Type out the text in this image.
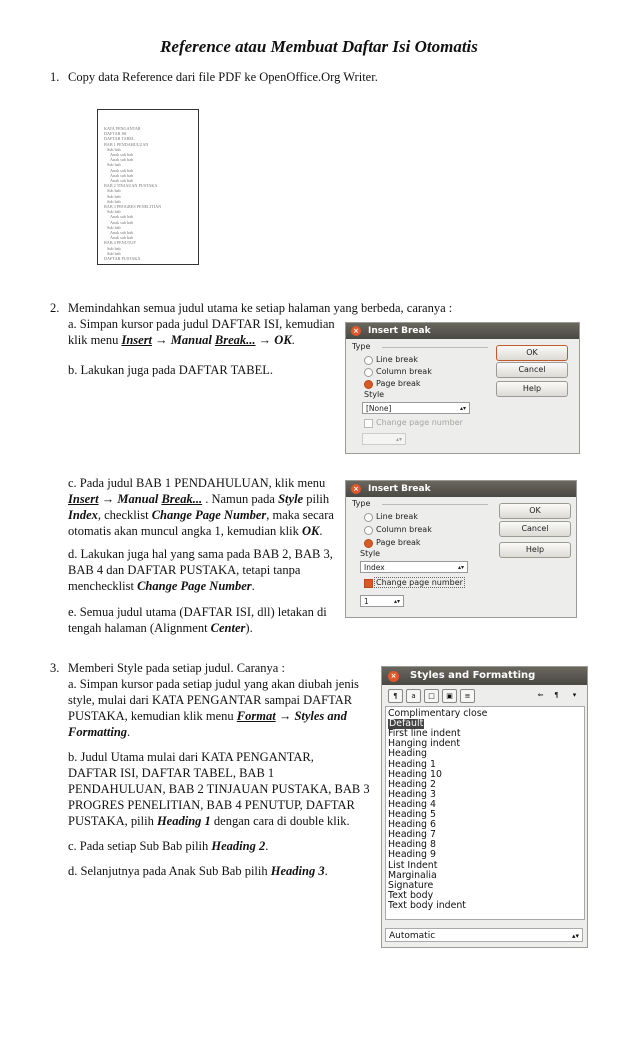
Reference atau Membuat Daftar Isi Otomatis
1. Copy data Reference dari file PDF ke OpenOffice.Org Writer.
KATA PENGANTAR
DAFTAR ISI
DAFTAR TABEL
BAB 1 PENDAHULUAN
Sub bab
Anak sub bab
Anak sub bab
Sub bab
Anak sub bab
Anak sub bab
Anak sub bab
BAB 2 TINJAUAN PUSTAKA
Sub bab
Sub bab
Sub bab
BAB 3 PROGRES PENELITIAN
Sub bab
Anak sub bab
Anak sub bab
Sub bab
Anak sub bab
Anak sub bab
BAB 4 PENUTUP
Sub bab
Sub bab
DAFTAR PUSTAKA
2. Memindahkan semua judul utama ke setiap halaman yang berbeda, caranya :
a. Simpan kursor pada judul DAFTAR ISI, kemudian
klik menu Insert → Manual Break... → OK.
b. Lakukan juga pada DAFTAR TABEL.
c. Pada judul BAB 1 PENDAHULUAN, klik menu
Insert → Manual Break... . Namun pada Style pilih
Index, checklist Change Page Number, maka secara
otomatis akan muncul angka 1, kemudian klik OK.
d. Lakukan juga hal yang sama pada BAB 2, BAB 3,
BAB 4 dan DAFTAR PUSTAKA, tetapi tanpa
menchecklist Change Page Number.
e. Semua judul utama (DAFTAR ISI, dll) letakan di
tengah halaman (Alignment Center).
× Insert Break
Type
Line break
Column break
Page break
Style
[None]	▴▾
Change page number
▴▾
OK
Cancel
Help
× Insert Break
Type
Line break
Column break
Page break
Style
Index	▴▾
Change page number
1	▴▾
OK
Cancel
Help
3. Memberi Style pada setiap judul. Caranya :
a. Simpan kursor pada setiap judul yang akan diubah jenis
style, mulai dari KATA PENGANTAR sampai DAFTAR
PUSTAKA, kemudian klik menu Format → Styles and
Formatting.
b. Judul Utama mulai dari KATA PENGANTAR,
DAFTAR ISI, DAFTAR TABEL, BAB 1
PENDAHULUAN, BAB 2 TINJAUAN PUSTAKA, BAB 3
PROGRES PENELITIAN, BAB 4 PENUTUP, DAFTAR
PUSTAKA, pilih Heading 1 dengan cara di double klik.
c. Pada setiap Sub Bab pilih Heading 2.
d. Selanjutnya pada Anak Sub Bab pilih Heading 3.
× Styles and Formatting
¶	a	□	▣	≡	⇐	¶	▾
Complimentary close
Default
First line indent
Hanging indent
Heading
Heading 1
Heading 10
Heading 2
Heading 3
Heading 4
Heading 5
Heading 6
Heading 7
Heading 8
Heading 9
List Indent
Marginalia
Signature
Text body
Text body indent
Automatic	▴▾
